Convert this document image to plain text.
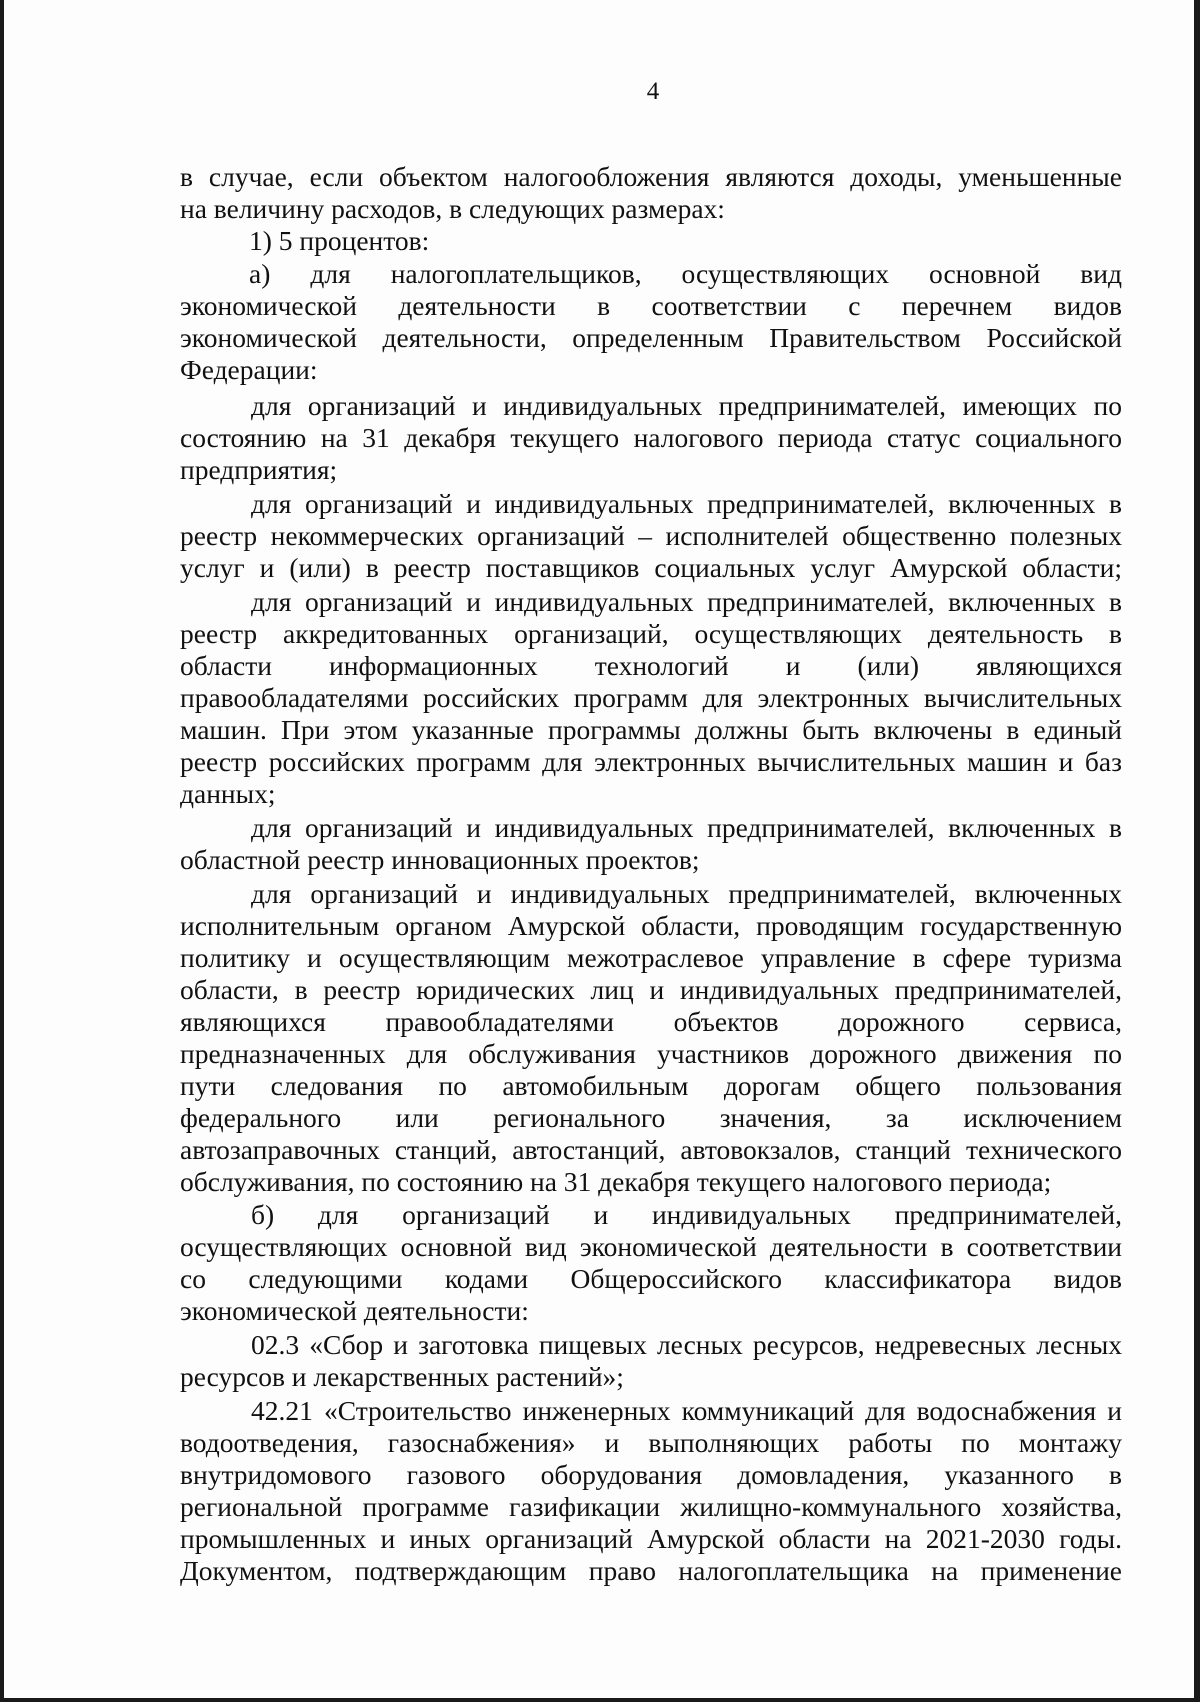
4
в случае, если объектом налогообложения являются доходы, уменьшенные
на величину расходов, в следующих размерах:
1) 5 процентов:
а) для налогоплательщиков, осуществляющих основной вид
экономической деятельности в соответствии с перечнем видов
экономической деятельности, определенным Правительством Российской
Федерации:
для организаций и индивидуальных предпринимателей, имеющих по
состоянию на 31 декабря текущего налогового периода статус социального
предприятия;
для организаций и индивидуальных предпринимателей, включенных в
реестр некоммерческих организаций – исполнителей общественно полезных
услуг и (или) в реестр поставщиков социальных услуг Амурской области;
для организаций и индивидуальных предпринимателей, включенных в
реестр аккредитованных организаций, осуществляющих деятельность в
области информационных технологий и (или) являющихся
правообладателями российских программ для электронных вычислительных
машин. При этом указанные программы должны быть включены в единый
реестр российских программ для электронных вычислительных машин и баз
данных;
для организаций и индивидуальных предпринимателей, включенных в
областной реестр инновационных проектов;
для организаций и индивидуальных предпринимателей, включенных
исполнительным органом Амурской области, проводящим государственную
политику и осуществляющим межотраслевое управление в сфере туризма
области, в реестр юридических лиц и индивидуальных предпринимателей,
являющихся правообладателями объектов дорожного сервиса,
предназначенных для обслуживания участников дорожного движения по
пути следования по автомобильным дорогам общего пользования
федерального или регионального значения, за исключением
автозаправочных станций, автостанций, автовокзалов, станций технического
обслуживания, по состоянию на 31 декабря текущего налогового периода;
б) для организаций и индивидуальных предпринимателей,
осуществляющих основной вид экономической деятельности в соответствии
со следующими кодами Общероссийского классификатора видов
экономической деятельности:
02.3 «Сбор и заготовка пищевых лесных ресурсов, недревесных лесных
ресурсов и лекарственных растений»;
42.21 «Строительство инженерных коммуникаций для водоснабжения и
водоотведения, газоснабжения» и выполняющих работы по монтажу
внутридомового газового оборудования домовладения, указанного в
региональной программе газификации жилищно-коммунального хозяйства,
промышленных и иных организаций Амурской области на 2021-2030 годы.
Документом, подтверждающим право налогоплательщика на применение
